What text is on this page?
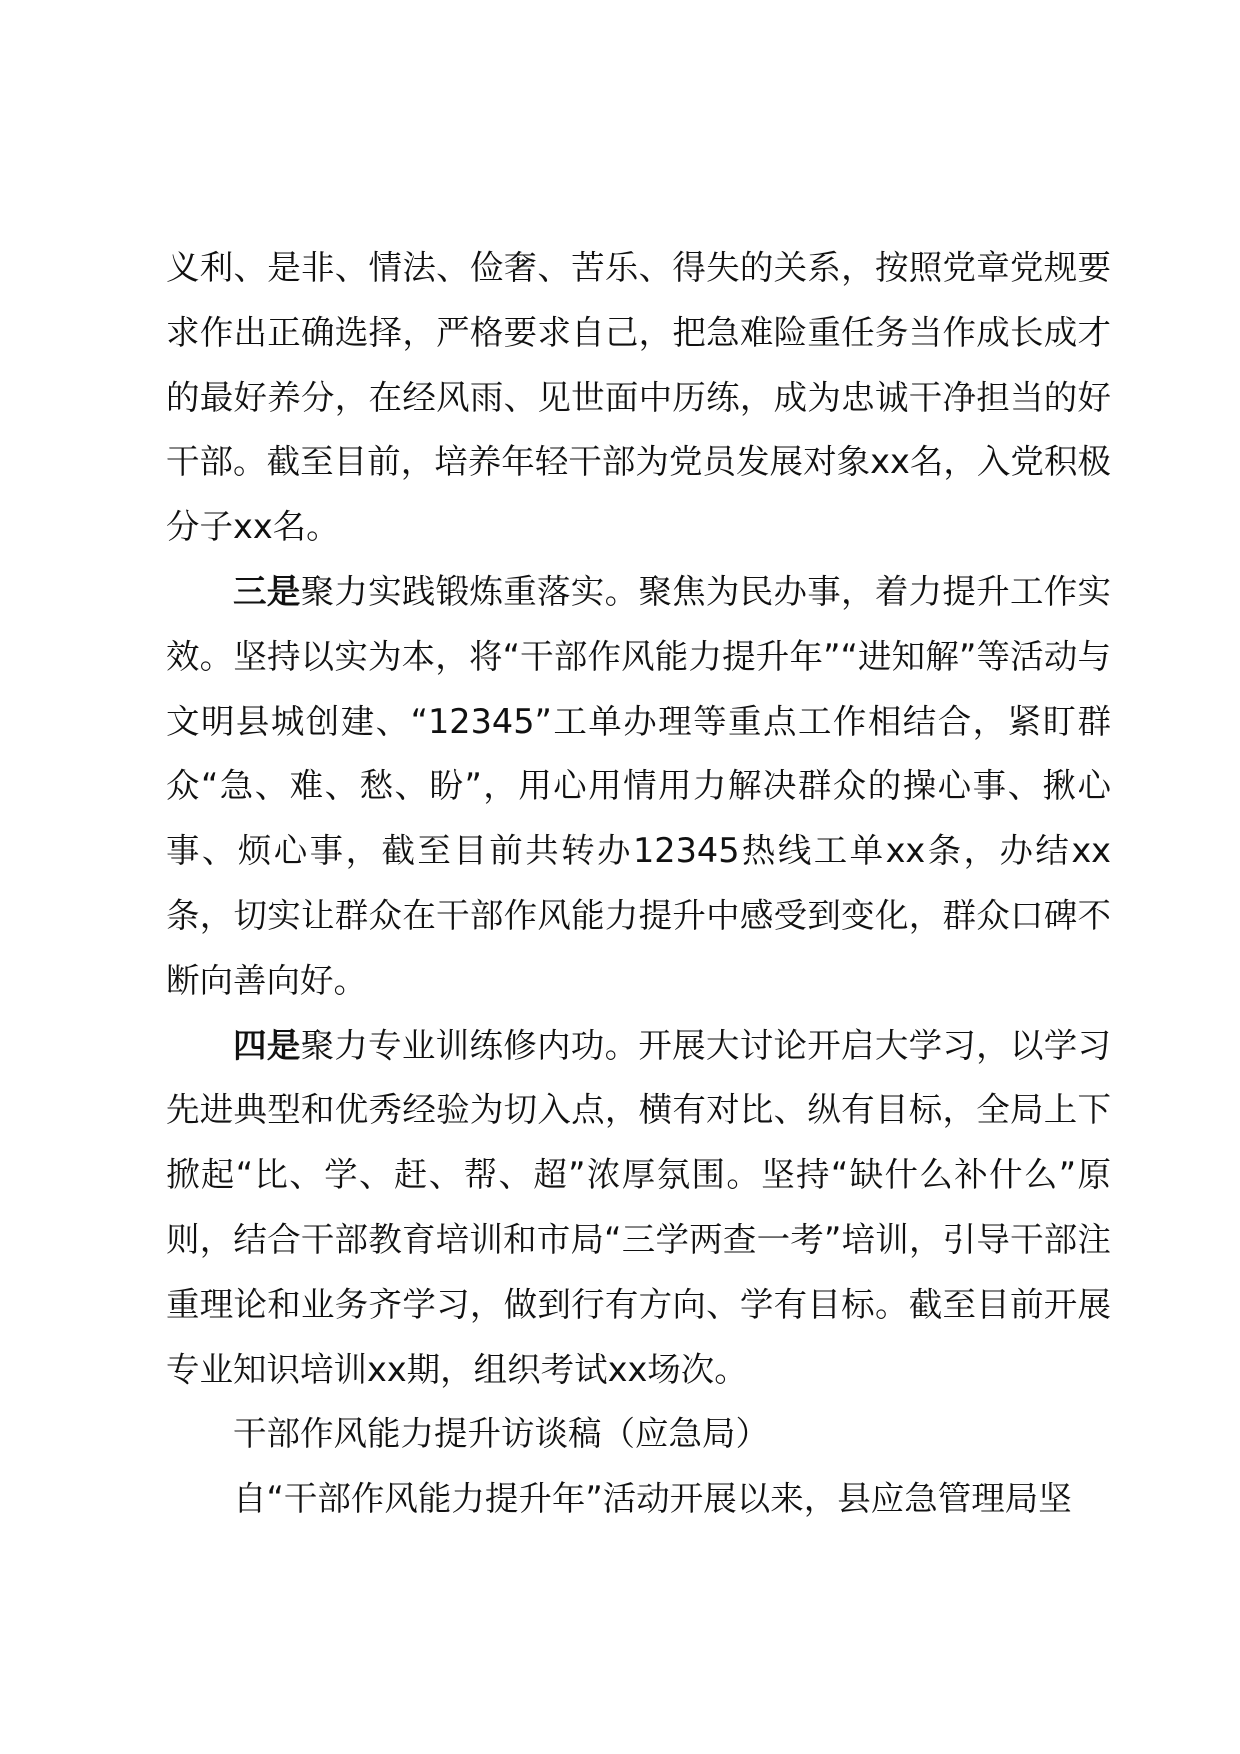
义利、是非、情法、俭奢、苦乐、得失的关系，按照党章党规要求作出正确选择，严格要求自己，把急难险重任务当作成长成才的最好养分，在经风雨、见世面中历练，成为忠诚干净担当的好干部。截至目前，培养年轻干部为党员发展对象xx名，入党积极分子xx名。

三是聚力实践锻炼重落实。聚焦为民办事，着力提升工作实效。坚持以实为本，将“干部作风能力提升年”“进知解”等活动与文明县城创建、“12345”工单办理等重点工作相结合，紧盯群众“急、难、愁、盼”，用心用情用力解决群众的操心事、揪心事、烦心事，截至目前共转办12345热线工单xx条，办结xx条，切实让群众在干部作风能力提升中感受到变化，群众口碑不断向善向好。

四是聚力专业训练修内功。开展大讨论开启大学习，以学习先进典型和优秀经验为切入点，横有对比、纵有目标，全局上下掀起“比、学、赶、帮、超”浓厚氛围。坚持“缺什么补什么”原则，结合干部教育培训和市局“三学两查一考”培训，引导干部注重理论和业务齐学习，做到行有方向、学有目标。截至目前开展专业知识培训xx期，组织考试xx场次。

干部作风能力提升访谈稿（应急局）

自“干部作风能力提升年”活动开展以来，县应急管理局坚
